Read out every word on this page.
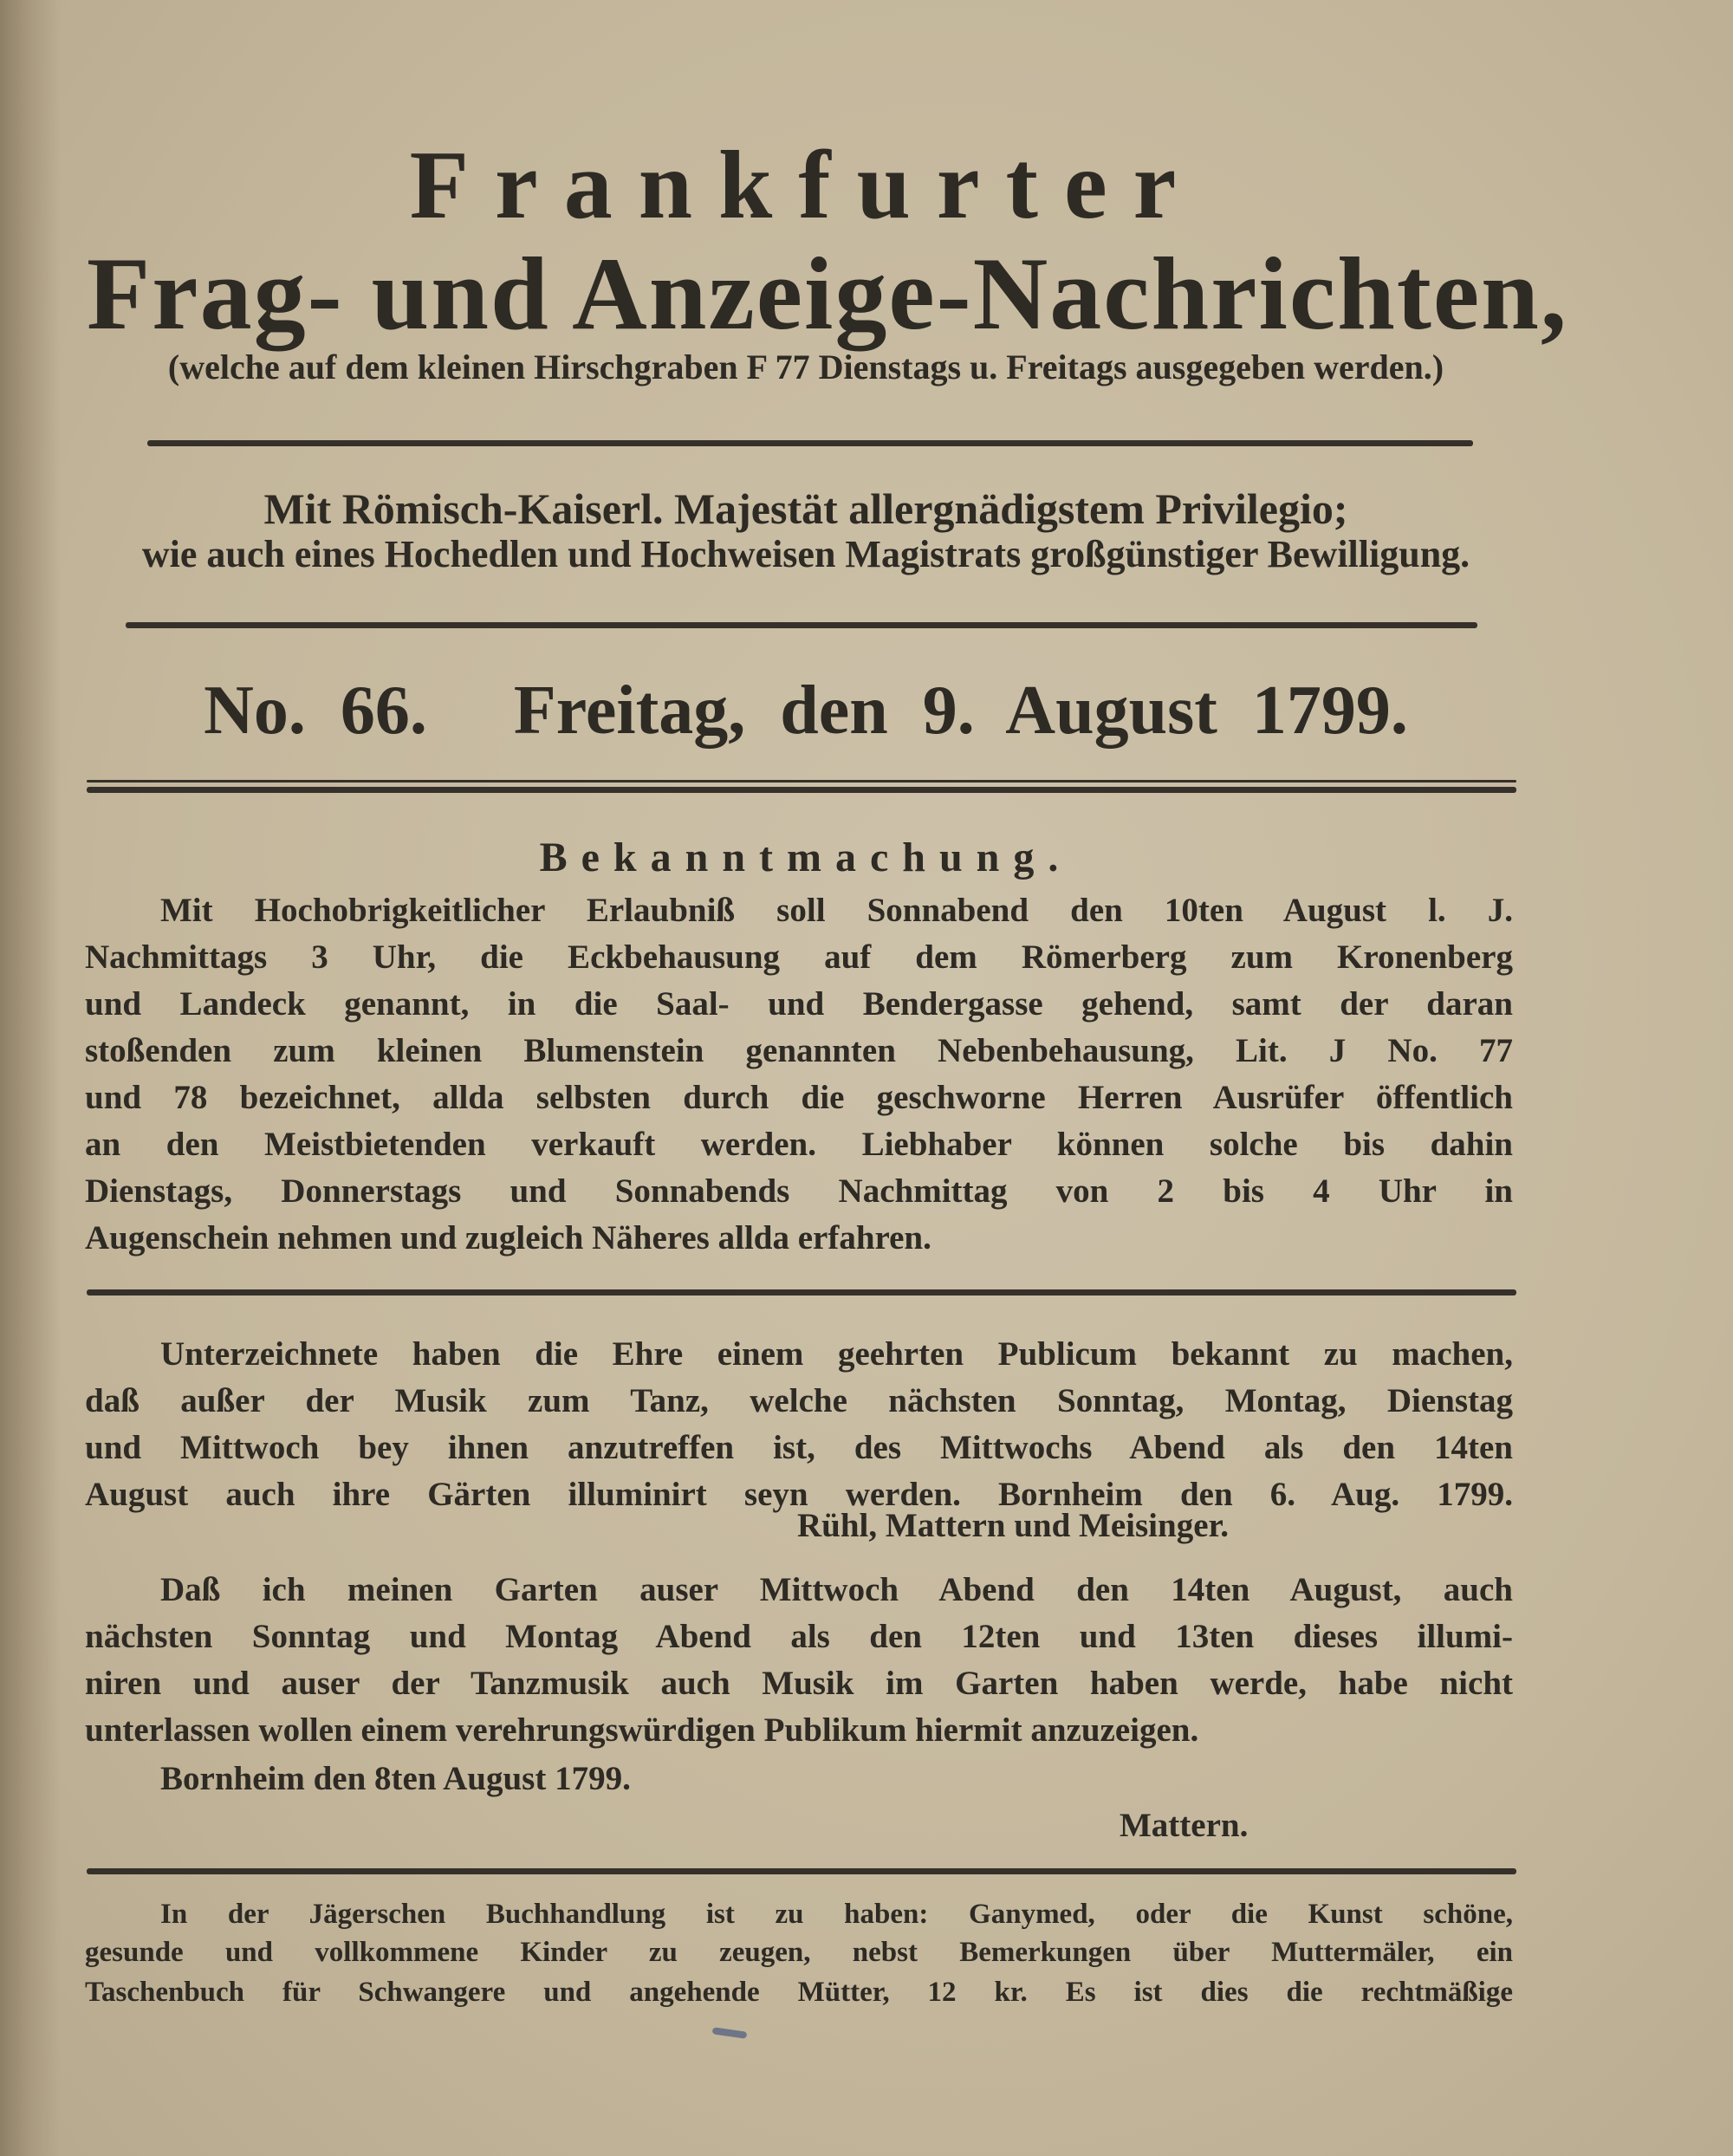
Frankfurter
Frag- und Anzeige-Nachrichten,
(welche auf dem kleinen Hirschgraben F 77 Dienstags u. Freitags ausgegeben werden.)
Mit Römisch-Kaiserl. Majestät allergnädigstem Privilegio;
wie auch eines Hochedlen und Hochweisen Magistrats großgünstiger Bewilligung.
No. 66. Freitag, den 9. August 1799.
Bekanntmachung.
Mit Hochobrigkeitlicher Erlaubniß soll Sonnabend den 10ten August l. J.
Nachmittags 3 Uhr, die Eckbehausung auf dem Römerberg zum Kronenberg
und Landeck genannt, in die Saal- und Bendergasse gehend, samt der daran
stoßenden zum kleinen Blumenstein genannten Nebenbehausung, Lit. J No. 77
und 78 bezeichnet, allda selbsten durch die geschworne Herren Ausrüfer öffentlich
an den Meistbietenden verkauft werden. Liebhaber können solche bis dahin
Dienstags, Donnerstags und Sonnabends Nachmittag von 2 bis 4 Uhr in
Augenschein nehmen und zugleich Näheres allda erfahren.
Unterzeichnete haben die Ehre einem geehrten Publicum bekannt zu machen,
daß außer der Musik zum Tanz, welche nächsten Sonntag, Montag, Dienstag
und Mittwoch bey ihnen anzutreffen ist, des Mittwochs Abend als den 14ten
August auch ihre Gärten illuminirt seyn werden. Bornheim den 6. Aug. 1799.
Rühl, Mattern und Meisinger.
Daß ich meinen Garten auser Mittwoch Abend den 14ten August, auch
nächsten Sonntag und Montag Abend als den 12ten und 13ten dieses illumi-
niren und auser der Tanzmusik auch Musik im Garten haben werde, habe nicht
unterlassen wollen einem verehrungswürdigen Publikum hiermit anzuzeigen.
Bornheim den 8ten August 1799.
Mattern.
In der Jägerschen Buchhandlung ist zu haben: Ganymed, oder die Kunst schöne,
gesunde und vollkommene Kinder zu zeugen, nebst Bemerkungen über Muttermäler, ein
Taschenbuch für Schwangere und angehende Mütter, 12 kr. Es ist dies die rechtmäßige
